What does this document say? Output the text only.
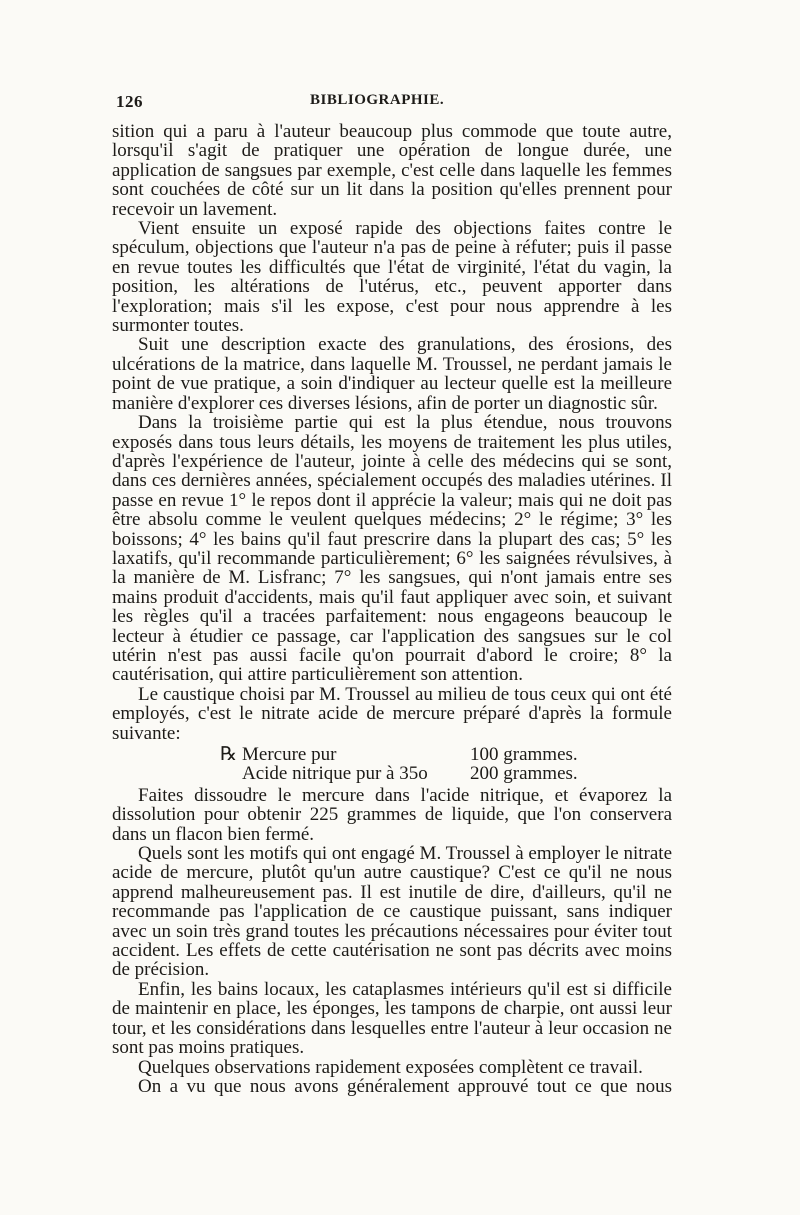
126	BIBLIOGRAPHIE.

sition qui a paru à l'auteur beaucoup plus commode que toute autre, lorsqu'il s'agit de pratiquer une opération de longue durée, une application de sangsues par exemple, c'est celle dans laquelle les femmes sont couchées de côté sur un lit dans la position qu'elles prennent pour recevoir un lavement.

Vient ensuite un exposé rapide des objections faites contre le spéculum, objections que l'auteur n'a pas de peine à réfuter; puis il passe en revue toutes les difficultés que l'état de virginité, l'état du vagin, la position, les altérations de l'utérus, etc., peuvent apporter dans l'exploration; mais s'il les expose, c'est pour nous apprendre à les surmonter toutes.

Suit une description exacte des granulations, des érosions, des ulcérations de la matrice, dans laquelle M. Troussel, ne perdant jamais le point de vue pratique, a soin d'indiquer au lecteur quelle est la meilleure manière d'explorer ces diverses lésions, afin de porter un diagnostic sûr.

Dans la troisième partie qui est la plus étendue, nous trouvons exposés dans tous leurs détails, les moyens de traitement les plus utiles, d'après l'expérience de l'auteur, jointe à celle des médecins qui se sont, dans ces dernières années, spécialement occupés des maladies utérines. Il passe en revue 1° le repos dont il apprécie la valeur; mais qui ne doit pas être absolu comme le veulent quelques médecins; 2° le régime; 3° les boissons; 4° les bains qu'il faut prescrire dans la plupart des cas; 5° les laxatifs, qu'il recommande particulièrement; 6° les saignées révulsives, à la manière de M. Lisfranc; 7° les sangsues, qui n'ont jamais entre ses mains produit d'accidents, mais qu'il faut appliquer avec soin, et suivant les règles qu'il a tracées parfaitement: nous engageons beaucoup le lecteur à étudier ce passage, car l'application des sangsues sur le col utérin n'est pas aussi facile qu'on pourrait d'abord le croire; 8° la cautérisation, qui attire particulièrement son attention.

Le caustique choisi par M. Troussel au milieu de tous ceux qui ont été employés, c'est le nitrate acide de mercure préparé d'après la formule suivante:

℞ Mercure pur	100 grammes.
Acide nitrique pur à 35o	200 grammes.

Faites dissoudre le mercure dans l'acide nitrique, et évaporez la dissolution pour obtenir 225 grammes de liquide, que l'on conservera dans un flacon bien fermé.

Quels sont les motifs qui ont engagé M. Troussel à employer le nitrate acide de mercure, plutôt qu'un autre caustique? C'est ce qu'il ne nous apprend malheureusement pas. Il est inutile de dire, d'ailleurs, qu'il ne recommande pas l'application de ce caustique puissant, sans indiquer avec un soin très grand toutes les précautions nécessaires pour éviter tout accident. Les effets de cette cautérisation ne sont pas décrits avec moins de précision.

Enfin, les bains locaux, les cataplasmes intérieurs qu'il est si difficile de maintenir en place, les éponges, les tampons de charpie, ont aussi leur tour, et les considérations dans lesquelles entre l'auteur à leur occasion ne sont pas moins pratiques.

Quelques observations rapidement exposées complètent ce travail.

On a vu que nous avons généralement approuvé tout ce que nous
